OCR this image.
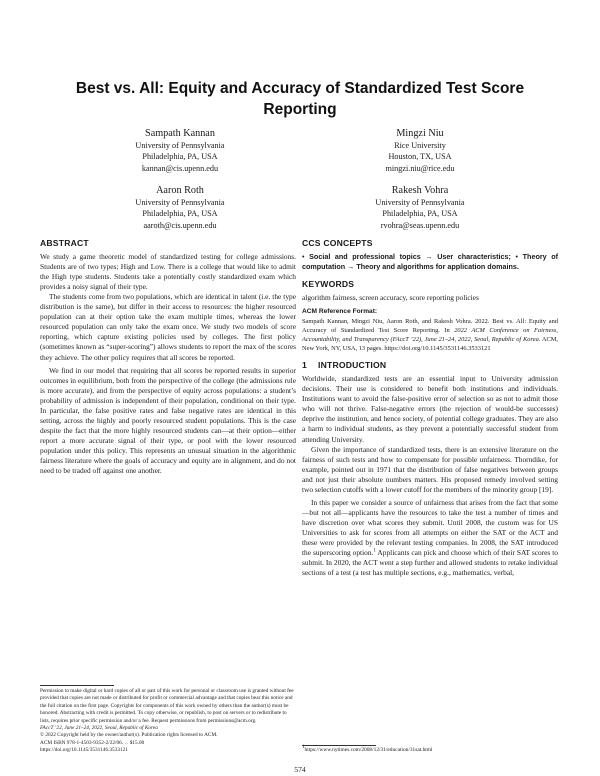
Best vs. All: Equity and Accuracy of Standardized Test Score Reporting
Sampath Kannan
University of Pennsylvania
Philadelphia, PA, USA
kannan@cis.upenn.edu
Mingzi Niu
Rice University
Houston, TX, USA
mingzi.niu@rice.edu
Aaron Roth
University of Pennsylvania
Philadelphia, PA, USA
aaroth@cis.upenn.edu
Rakesh Vohra
University of Pennsylvania
Philadelphia, PA, USA
rvohra@seas.upenn.edu
ABSTRACT

We study a game theoretic model of standardized testing for college admissions. Students are of two types; High and Low. There is a college that would like to admit the High type students. Students take a potentially costly standardized exam which provides a noisy signal of their type.

The students come from two populations, which are identical in talent (i.e. the type distribution is the same), but differ in their access to resources: the higher resourced population can at their option take the exam multiple times, whereas the lower resourced population can only take the exam once. We study two models of score reporting, which capture existing policies used by colleges. The first policy (sometimes known as “super-scoring”) allows students to report the max of the scores they achieve. The other policy requires that all scores be reported.

We find in our model that requiring that all scores be reported results in superior outcomes in equilibrium, both from the perspective of the college (the admissions rule is more accurate), and from the perspective of equity across populations: a student’s probability of admission is independent of their population, conditional on their type. In particular, the false positive rates and false negative rates are identical in this setting, across the highly and poorly resourced student populations. This is the case despite the fact that the more highly resourced students can—at their option—either report a more accurate signal of their type, or pool with the lower resourced population under this policy. This represents an unusual situation in the algorithmic fairness literature where the goals of accuracy and equity are in alignment, and do not need to be traded off against one another.

Permission to make digital or hard copies of all or part of this work for personal or classroom use is granted without fee provided that copies are not made or distributed for profit or commercial advantage and that copies bear this notice and the full citation on the first page. Copyrights for components of this work owned by others than the author(s) must be honored. Abstracting with credit is permitted. To copy otherwise, or republish, to post on servers or to redistribute to lists, requires prior specific permission and/or a fee. Request permissions from permissions@acm.org.

FAccT ’22, June 21–24, 2022, Seoul, Republic of Korea

© 2022 Copyright held by the owner/author(s). Publication rights licensed to ACM.

ACM ISBN 978-1-4503-9352-2/22/06. . . $15.00

https://doi.org/10.1145/3531146.3533121

CCS CONCEPTS

• Social and professional topics → User characteristics; • Theory of computation → Theory and algorithms for application domains.

KEYWORDS

algorithm fairness, screen accuracy, score reporting policies

ACM Reference Format:

Sampath Kannan, Mingzi Niu, Aaron Roth, and Rakesh Vohra. 2022. Best vs. All: Equity and Accuracy of Standardized Test Score Reporting. In 2022 ACM Conference on Fairness, Accountability, and Transparency (FAccT ’22), June 21–24, 2022, Seoul, Republic of Korea. ACM, New York, NY, USA, 13 pages. https://doi.org/10.1145/3531146.3533121

1 INTRODUCTION

Worldwide, standardized tests are an essential input to University admission decisions. Their use is considered to benefit both institutions and individuals. Institutions want to avoid the false-positive error of selection so as not to admit those who will not thrive. False-negative errors (the rejection of would-be successes) deprive the institution, and hence society, of potential college graduates. They are also a harm to individual students, as they prevent a potentially successful student from attending University.

Given the importance of standardized tests, there is an extensive literature on the fairness of such tests and how to compensate for possible unfairness. Thorndike, for example, pointed out in 1971 that the distribution of false negatives between groups and not just their absolute numbers matters. His proposed remedy involved setting two selection cutoffs with a lower cutoff for the members of the minority group [19].

In this paper we consider a source of unfairness that arises from the fact that some—but not all—applicants have the resources to take the test a number of times and have discretion over what scores they submit. Until 2008, the custom was for US Universities to ask for scores from all attempts on either the SAT or the ACT and these were provided by the relevant testing companies. In 2008, the SAT introduced the superscoring option.$^1$ Applicants can pick and choose which of their SAT scores to submit. In 2020, the ACT went a step further and allowed students to retake individual sections of a test (a test has multiple sections, e.g., mathematics, verbal,

$^1$https://www.nytimes.com/2008/12/31/education/31sat.html
574
